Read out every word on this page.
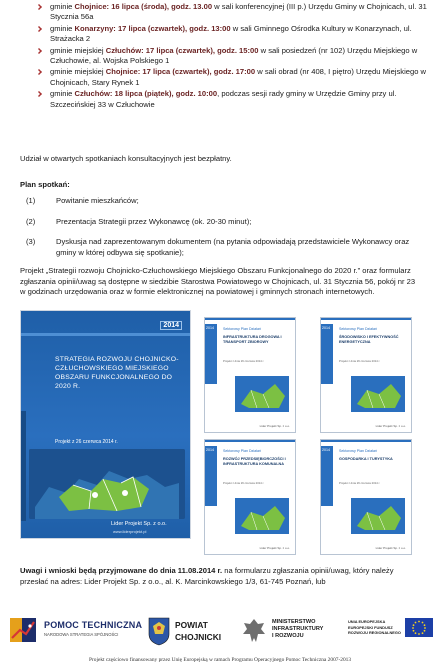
gminie Chojnice: 16 lipca (środa), godz. 13.00 w sali konferencyjnej (III p.) Urzędu Gminy w Chojnicach, ul. 31 Stycznia 56a
gminie Konarzyny: 17 lipca (czwartek), godz. 13:00 w sali Gminnego Ośrodka Kultury w Konarzynach, ul. Strażacka 2
gminie miejskiej Człuchów: 17 lipca (czwartek), godz. 15:00 w sali posiedzeń (nr 102) Urzędu Miejskiego w Człuchowie, al. Wojska Polskiego 1
gminie miejskiej Chojnice: 17 lipca (czwartek), godz. 17:00 w sali obrad (nr 408, I piętro) Urzędu Miejskiego w Chojnicach, Stary Rynek 1
gminie Człuchów: 18 lipca (piątek), godz. 10:00, podczas sesji rady gminy w Urzędzie Gminy przy ul. Szczecińskiej 33 w Człuchowie
Udział w otwartych spotkaniach konsultacyjnych jest bezpłatny.
Plan spotkań:
(1)	Powitanie mieszkańców;
(2)	Prezentacja Strategii przez Wykonawcę (ok. 20-30 minut);
(3)	Dyskusja nad zaprezentowanym dokumentem (na pytania odpowiadają przedstawiciele Wykonawcy oraz gminy w której odbywa się spotkanie);
Projekt „Strategii rozwoju Chojnicko-Człuchowskiego Miejskiego Obszaru Funkcjonalnego do 2020 r.” oraz formularz zgłaszania opinii/uwag są dostępne w siedzibie Starostwa Powiatowego w Chojnicach, ul. 31 Stycznia 56, pokój nr 23 w godzinach urzędowania oraz w formie elektronicznej na powiatowej i gminnych stronach internetowych.
2014
STRATEGIA ROZWOJU CHOJNICKO-CZŁUCHOWSKIEGO MIEJSKIEGO OBSZARU FUNKCJONALNEGO DO 2020 R.
Projekt z 26 czerwca 2014 r.
Lider Projekt Sp. z o.o.
www.liderprojekt.pl
2014	Sektorowy Plan Działań
INFRASTRUKTURA DROGOWA I TRANSPORT ZBIOROWY
Projekt z dnia 26 czerwca 2014 r.
Lider Projekt Sp. z o.o.
2014	Sektorowy Plan Działań
ŚRODOWISKO I EFEKTYWNOŚĆ ENERGETYCZNA
Projekt z dnia 26 czerwca 2014 r.
Lider Projekt Sp. z o.o.
2014	Sektorowy Plan Działań
ROZWÓJ PRZEDSIĘBIORCZOŚCI I INFRASTRUKTURA KOMUNALNA
Projekt z dnia 26 czerwca 2014 r.
Lider Projekt Sp. z o.o.
2014	Sektorowy Plan Działań
GOSPODARKA I TURYSTYKA
Projekt z dnia 26 czerwca 2014 r.
Lider Projekt Sp. z o.o.
Uwagi i wnioski będą przyjmowane do dnia 11.08.2014 r. na formularzu zgłaszania opinii/uwag, który należy przesłać na adres: Lider Projekt Sp. z o.o., al. K. Marcinkowskiego 1/3, 61-745 Poznań, lub
POMOC TECHNICZNA
NARODOWA STRATEGIA SPÓJNOŚCI
POWIAT
CHOJNICKI
MINISTERSTWO
INFRASTRUKTURY
I ROZWOJU
UNIA EUROPEJSKA
EUROPEJSKI FUNDUSZ
ROZWOJU REGIONALNEGO
Projekt częściowo finansowany przez Unię Europejską w ramach Programu Operacyjnego Pomoc Techniczna 2007-2013
